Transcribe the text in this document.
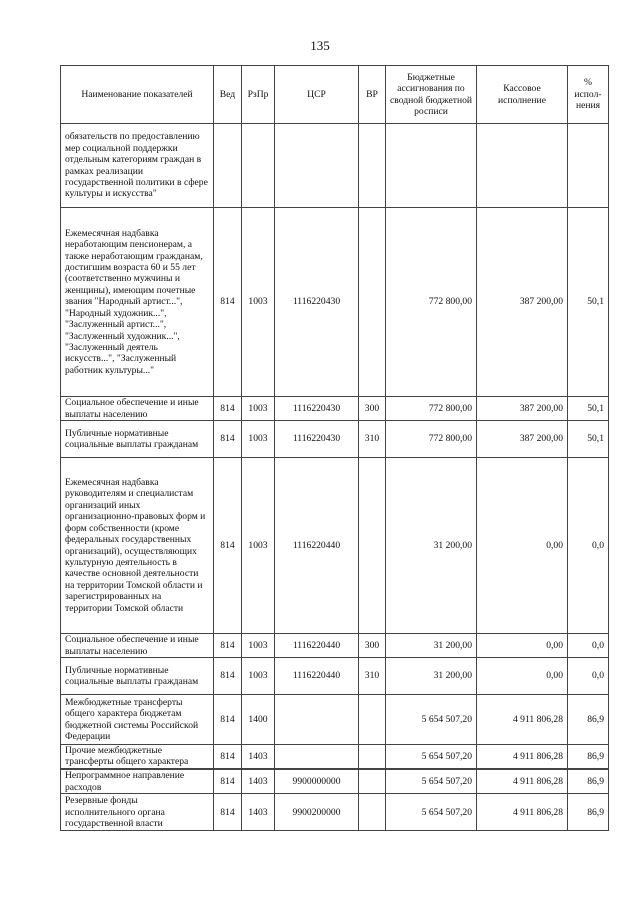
135
Наименование показателей	Вед	РзПр	ЦСР	ВР	Бюджетные ассигнования по сводной бюджетной росписи	Кассовое исполнение	% испол-нения
обязательств по предоставлению мер социальной поддержки отдельным категориям граждан в рамках реализации государственной политики в сфере культуры и искусства"							
Ежемесячная надбавка неработающим пенсионерам, а также неработающим гражданам, достигшим возраста 60 и 55 лет (соответственно мужчины и женщины), имеющим почетные звания "Народный артист...", "Народный художник...", "Заслуженный артист...", "Заслуженный художник...", "Заслуженный деятель искусств...", "Заслуженный работник культуры..."	814	1003	1116220430		772 800,00	387 200,00	50,1
Социальное обеспечение и иные выплаты населению	814	1003	1116220430	300	772 800,00	387 200,00	50,1
Публичные нормативные социальные выплаты гражданам	814	1003	1116220430	310	772 800,00	387 200,00	50,1
Ежемесячная надбавка руководителям и специалистам организаций иных организационно-правовых форм и форм собственности (кроме федеральных государственных организаций), осуществляющих культурную деятельность в качестве основной деятельности на территории Томской области и зарегистрированных на территории Томской области	814	1003	1116220440		31 200,00	0,00	0,0
Социальное обеспечение и иные выплаты населению	814	1003	1116220440	300	31 200,00	0,00	0,0
Публичные нормативные социальные выплаты гражданам	814	1003	1116220440	310	31 200,00	0,00	0,0
Межбюджетные трансферты общего характера бюджетам бюджетной системы Российской Федерации	814	1400			5 654 507,20	4 911 806,28	86,9
Прочие межбюджетные трансферты общего характера	814	1403			5 654 507,20	4 911 806,28	86,9
Непрограммное направление расходов	814	1403	9900000000		5 654 507,20	4 911 806,28	86,9
Резервные фонды исполнительного органа государственной власти	814	1403	9900200000		5 654 507,20	4 911 806,28	86,9
